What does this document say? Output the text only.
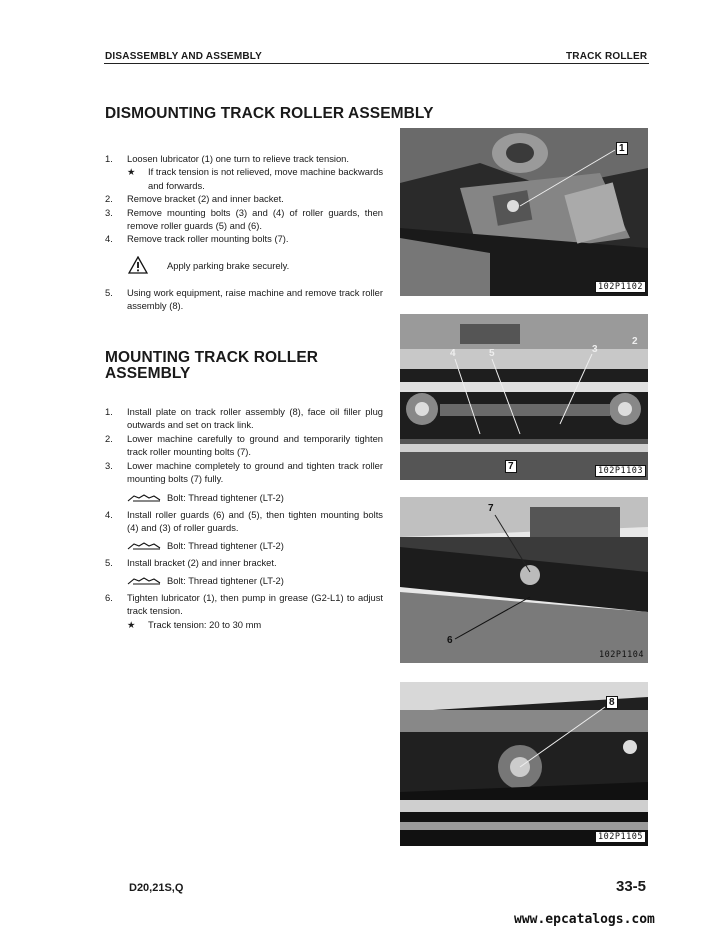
DISASSEMBLY AND ASSEMBLY	TRACK ROLLER
DISMOUNTING TRACK ROLLER ASSEMBLY
1. Loosen lubricator (1) one turn to relieve track tension.
★ If track tension is not relieved, move machine backwards and forwards.
2. Remove bracket (2) and inner backet.
3. Remove mounting bolts (3) and (4) of roller guards, then remove roller guards (5) and (6).
4. Remove track roller mounting bolts (7).
Apply parking brake securely.
5. Using work equipment, raise machine and remove track roller assembly (8).
MOUNTING TRACK ROLLER
ASSEMBLY
1. Install plate on track roller assembly (8), face oil filler plug outwards and set on track link.
2. Lower machine carefully to ground and temporarily tighten track roller mounting bolts (7).
3. Lower machine completely to ground and tighten track roller mounting bolts (7) fully.
Bolt: Thread tightener (LT-2)
4. Install roller guards (6) and (5), then tighten mounting bolts (4) and (3) of roller guards.
Bolt: Thread tightener (LT-2)
5. Install bracket (2) and inner bracket.
Bolt: Thread tightener (LT-2)
6. Tighten lubricator (1), then pump in grease (G2-L1) to adjust track tension.
★ Track tension: 20 to 30 mm
1
102P1102
4	5	3
2
7	102P1103
7
6
102P1104
8
102P1105
D20,21S,Q	33-5
www.epcatalogs.com
